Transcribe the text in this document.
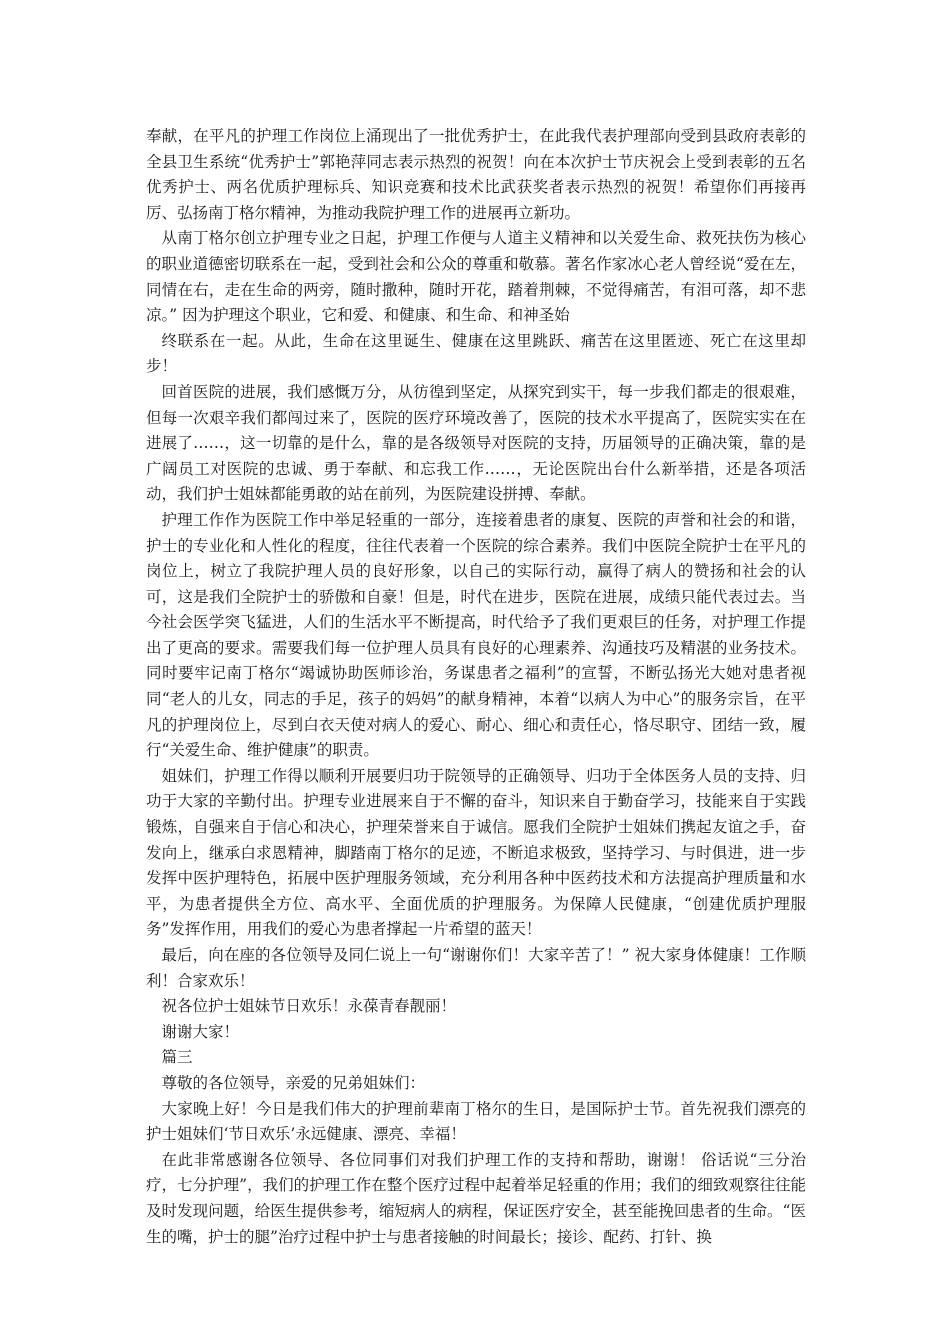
奉献，在平凡的护理工作岗位上涌现出了一批优秀护士，在此我代表护理部向受到县政府表彰的全县卫生系统“优秀护士”郭艳萍同志表示热烈的祝贺！向在本次护士节庆祝会上受到表彰的五名优秀护士、两名优质护理标兵、知识竞赛和技术比武获奖者表示热烈的祝贺！希望你们再接再厉、弘扬南丁格尔精神，为推动我院护理工作的进展再立新功。

从南丁格尔创立护理专业之日起，护理工作便与人道主义精神和以关爱生命、救死扶伤为核心的职业道德密切联系在一起，受到社会和公众的尊重和敬慕。著名作家冰心老人曾经说“爱在左，同情在右，走在生命的两旁，随时撒种，随时开花，踏着荆棘，不觉得痛苦，有泪可落，却不悲凉。” 因为护理这个职业，它和爱、和健康、和生命、和神圣始

终联系在一起。从此，生命在这里诞生、健康在这里跳跃、痛苦在这里匿迹、死亡在这里却步！

回首医院的进展，我们感慨万分，从彷徨到坚定，从探究到实干，每一步我们都走的很艰难，但每一次艰辛我们都闯过来了，医院的医疗环境改善了，医院的技术水平提高了，医院实实在在进展了……，这一切靠的是什么，靠的是各级领导对医院的支持，历届领导的正确决策，靠的是广阔员工对医院的忠诚、勇于奉献、和忘我工作……，无论医院出台什么新举措，还是各项活动，我们护士姐妹都能勇敢的站在前列，为医院建设拼搏、奉献。

护理工作作为医院工作中举足轻重的一部分，连接着患者的康复、医院的声誉和社会的和谐，护士的专业化和人性化的程度，往往代表着一个医院的综合素养。我们中医院全院护士在平凡的岗位上，树立了我院护理人员的良好形象，以自己的实际行动，赢得了病人的赞扬和社会的认可，这是我们全院护士的骄傲和自豪！但是，时代在进步，医院在进展，成绩只能代表过去。当今社会医学突飞猛进，人们的生活水平不断提高，时代给予了我们更艰巨的任务，对护理工作提出了更高的要求。需要我们每一位护理人员具有良好的心理素养、沟通技巧及精湛的业务技术。同时要牢记南丁格尔“竭诚协助医师诊治，务谋患者之福利”的宣誓，不断弘扬光大她对患者视同“老人的儿女，同志的手足，孩子的妈妈”的献身精神，本着“以病人为中心”的服务宗旨，在平凡的护理岗位上，尽到白衣天使对病人的爱心、耐心、细心和责任心，恪尽职守、团结一致，履行“关爱生命、维护健康”的职责。

姐妹们，护理工作得以顺利开展要归功于院领导的正确领导、归功于全体医务人员的支持、归功于大家的辛勤付出。护理专业进展来自于不懈的奋斗，知识来自于勤奋学习，技能来自于实践锻炼，自强来自于信心和决心，护理荣誉来自于诚信。愿我们全院护士姐妹们携起友谊之手，奋发向上，继承白求恩精神，脚踏南丁格尔的足迹，不断追求极致，坚持学习、与时俱进，进一步发挥中医护理特色，拓展中医护理服务领域，充分利用各种中医药技术和方法提高护理质量和水平，为患者提供全方位、高水平、全面优质的护理服务。为保障人民健康，“创建优质护理服务”发挥作用，用我们的爱心为患者撑起一片希望的蓝天！

最后，向在座的各位领导及同仁说上一句“谢谢你们！大家辛苦了！” 祝大家身体健康！工作顺利！合家欢乐！

祝各位护士姐妹节日欢乐！永葆青春靓丽！

谢谢大家！

篇三

尊敬的各位领导，亲爱的兄弟姐妹们：

大家晚上好！今日是我们伟大的护理前辈南丁格尔的生日，是国际护士节。首先祝我们漂亮的护士姐妹们‘节日欢乐’永远健康、漂亮、幸福！

在此非常感谢各位领导、各位同事们对我们护理工作的支持和帮助，谢谢！ 俗话说“三分治疗，七分护理”，我们的护理工作在整个医疗过程中起着举足轻重的作用；我们的细致观察往往能及时发现问题，给医生提供参考，缩短病人的病程，保证医疗安全，甚至能挽回患者的生命。“医生的嘴，护士的腿”治疗过程中护士与患者接触的时间最长；接诊、配药、打针、换
